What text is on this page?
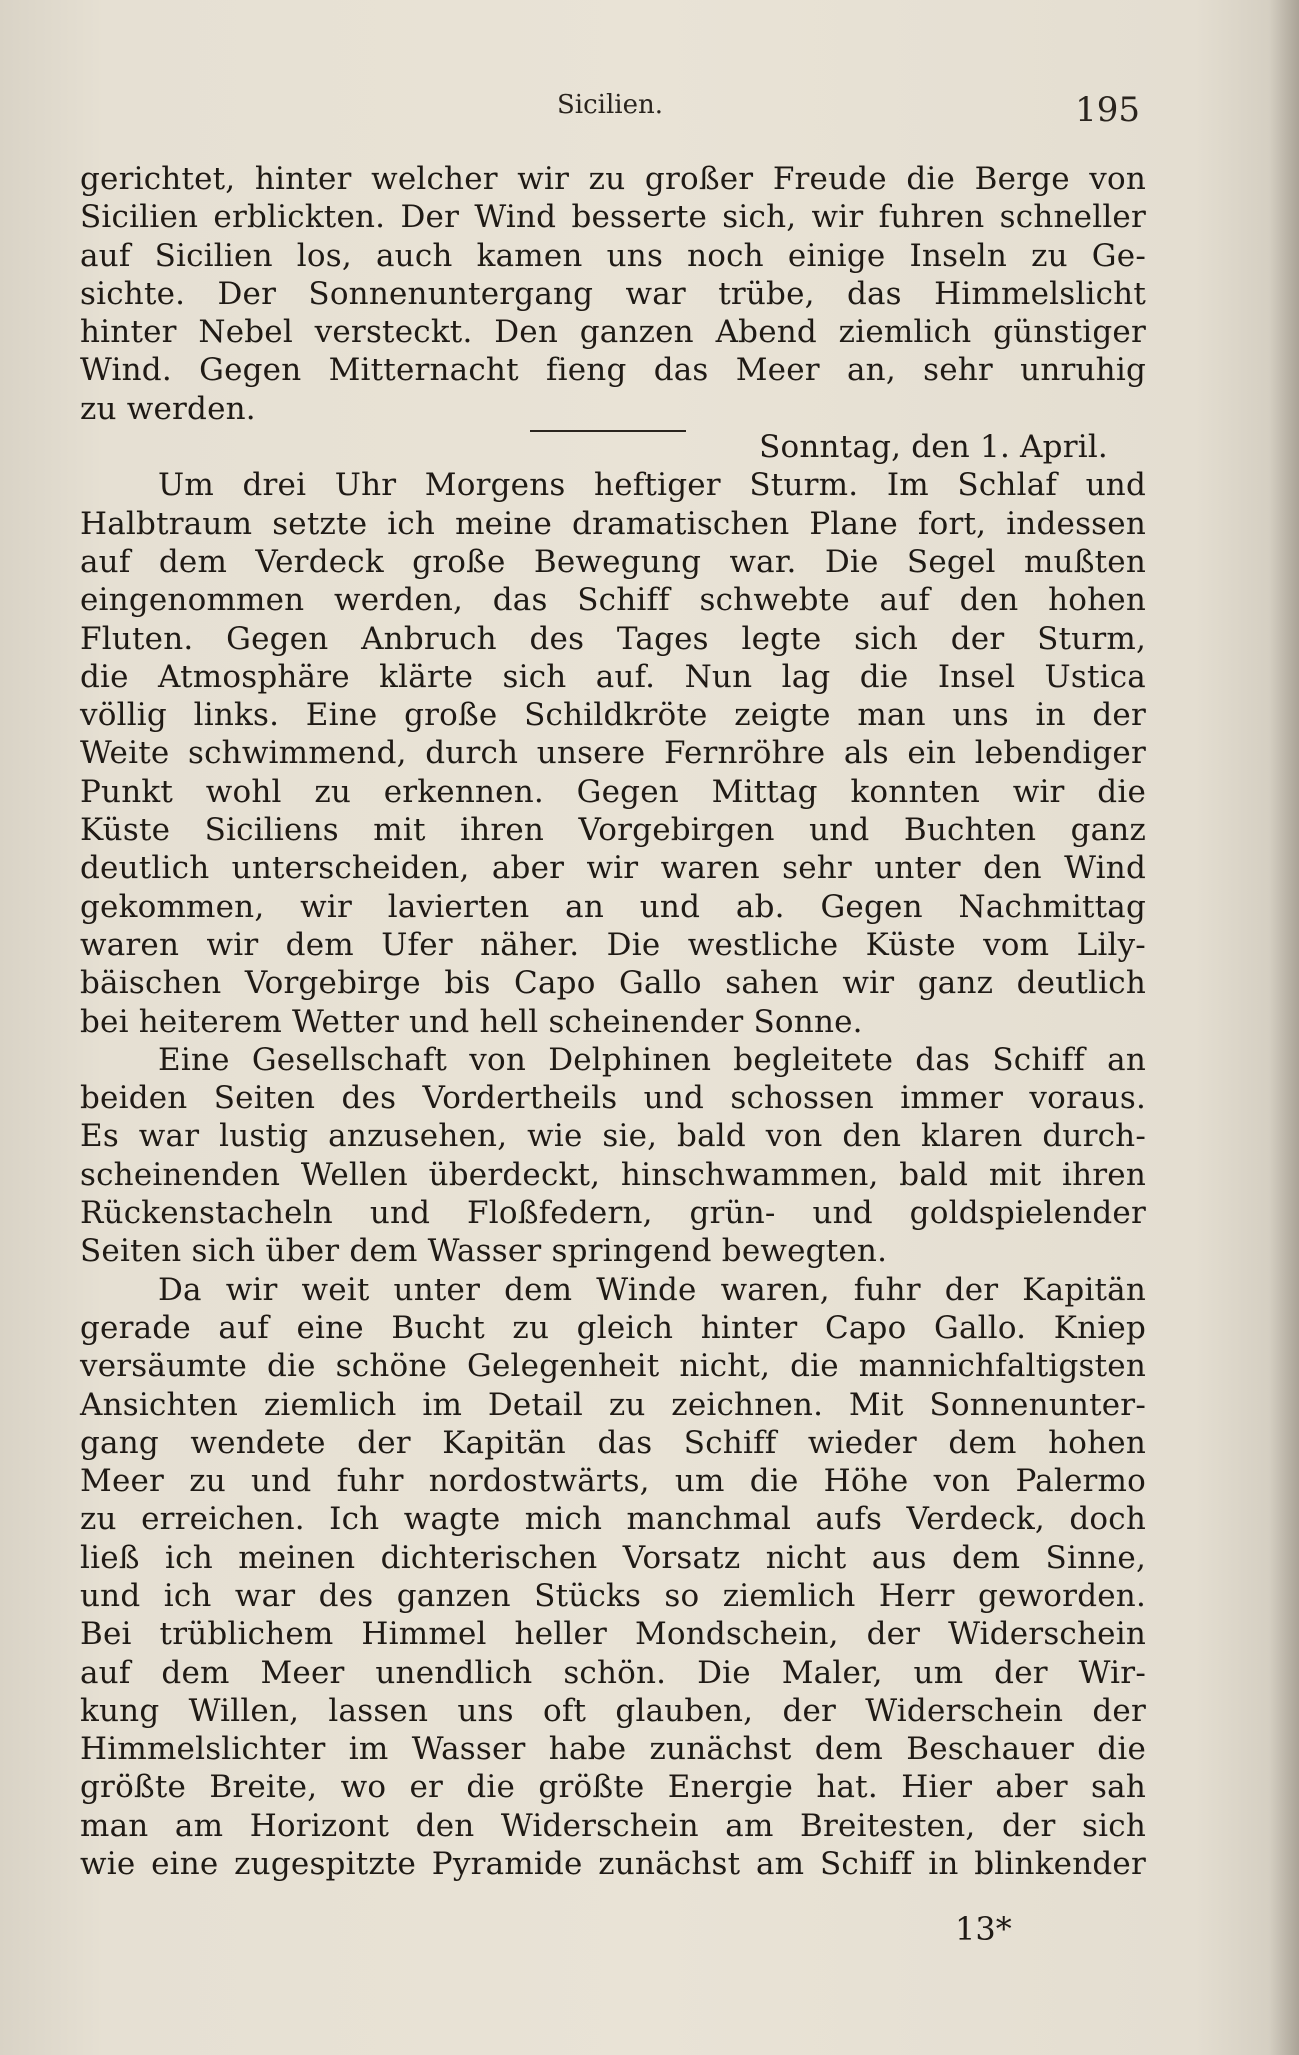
Sicilien.	195
gerichtet, hinter welcher wir zu großer Freude die Berge von
Sicilien erblickten. Der Wind besserte sich, wir fuhren schneller
auf Sicilien los, auch kamen uns noch einige Inseln zu Ge-
sichte. Der Sonnenuntergang war trübe, das Himmelslicht
hinter Nebel versteckt. Den ganzen Abend ziemlich günstiger
Wind. Gegen Mitternacht fieng das Meer an, sehr unruhig
zu werden.
Sonntag, den 1. April.
Um drei Uhr Morgens heftiger Sturm. Im Schlaf und
Halbtraum setzte ich meine dramatischen Plane fort, indessen
auf dem Verdeck große Bewegung war. Die Segel mußten
eingenommen werden, das Schiff schwebte auf den hohen
Fluten. Gegen Anbruch des Tages legte sich der Sturm,
die Atmosphäre klärte sich auf. Nun lag die Insel Ustica
völlig links. Eine große Schildkröte zeigte man uns in der
Weite schwimmend, durch unsere Fernröhre als ein lebendiger
Punkt wohl zu erkennen. Gegen Mittag konnten wir die
Küste Siciliens mit ihren Vorgebirgen und Buchten ganz
deutlich unterscheiden, aber wir waren sehr unter den Wind
gekommen, wir lavierten an und ab. Gegen Nachmittag
waren wir dem Ufer näher. Die westliche Küste vom Lily-
bäischen Vorgebirge bis Capo Gallo sahen wir ganz deutlich
bei heiterem Wetter und hell scheinender Sonne.
Eine Gesellschaft von Delphinen begleitete das Schiff an
beiden Seiten des Vordertheils und schossen immer voraus.
Es war lustig anzusehen, wie sie, bald von den klaren durch-
scheinenden Wellen überdeckt, hinschwammen, bald mit ihren
Rückenstacheln und Floßfedern, grün- und goldspielender
Seiten sich über dem Wasser springend bewegten.
Da wir weit unter dem Winde waren, fuhr der Kapitän
gerade auf eine Bucht zu gleich hinter Capo Gallo. Kniep
versäumte die schöne Gelegenheit nicht, die mannichfaltigsten
Ansichten ziemlich im Detail zu zeichnen. Mit Sonnenunter-
gang wendete der Kapitän das Schiff wieder dem hohen
Meer zu und fuhr nordostwärts, um die Höhe von Palermo
zu erreichen. Ich wagte mich manchmal aufs Verdeck, doch
ließ ich meinen dichterischen Vorsatz nicht aus dem Sinne,
und ich war des ganzen Stücks so ziemlich Herr geworden.
Bei trüblichem Himmel heller Mondschein, der Widerschein
auf dem Meer unendlich schön. Die Maler, um der Wir-
kung Willen, lassen uns oft glauben, der Widerschein der
Himmelslichter im Wasser habe zunächst dem Beschauer die
größte Breite, wo er die größte Energie hat. Hier aber sah
man am Horizont den Widerschein am Breitesten, der sich
wie eine zugespitzte Pyramide zunächst am Schiff in blinkender
13*
